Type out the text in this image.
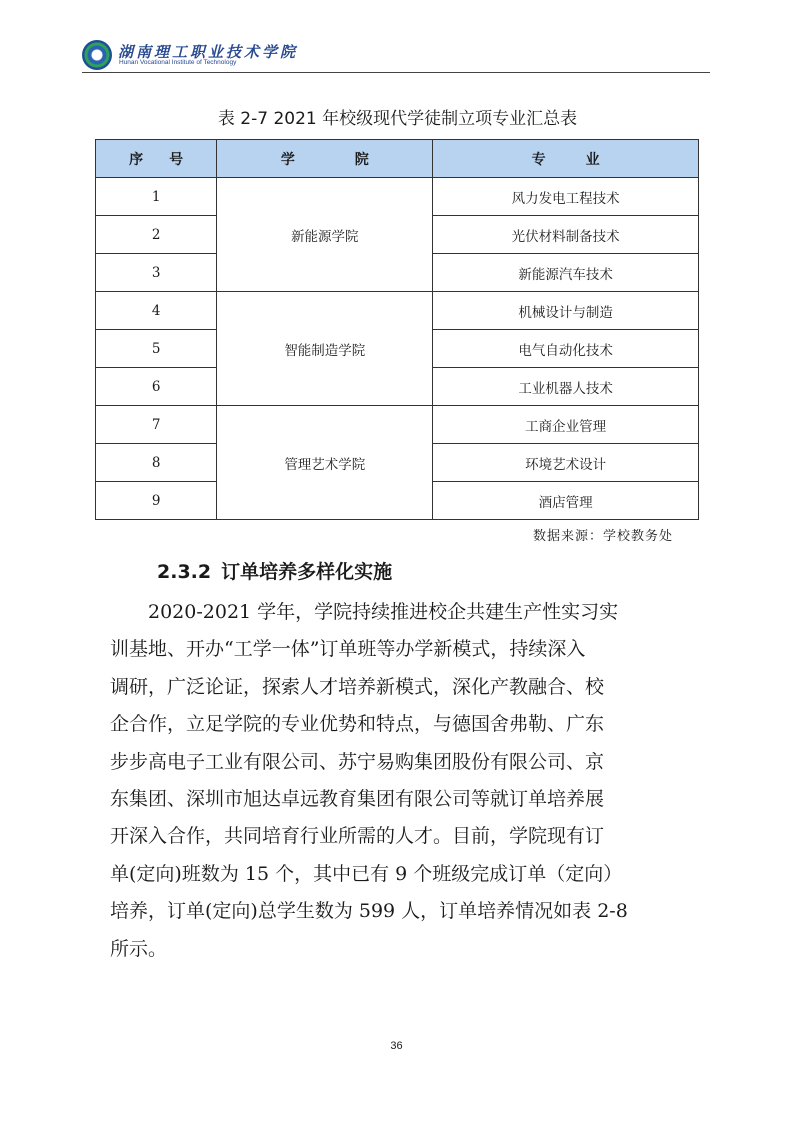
湖南理工职业技术学院
Hunan Vocational Institute of Technology
表 2-7 2021 年校级现代学徒制立项专业汇总表
序号	学院	专业
1	新能源学院	风力发电工程技术
2		光伏材料制备技术
3		新能源汽车技术
4	智能制造学院	机械设计与制造
5		电气自动化技术
6		工业机器人技术
7	管理艺术学院	工商企业管理
8		环境艺术设计
9		酒店管理
数据来源：学校教务处
2.3.2 订单培养多样化实施
　　2020-2021 学年，学院持续推进校企共建生产性实习实
训基地、开办“工学一体”订单班等办学新模式，持续深入
调研，广泛论证，探索人才培养新模式，深化产教融合、校
企合作，立足学院的专业优势和特点，与德国舍弗勒、广东
步步高电子工业有限公司、苏宁易购集团股份有限公司、京
东集团、深圳市旭达卓远教育集团有限公司等就订单培养展
开深入合作，共同培育行业所需的人才。目前，学院现有订
单(定向)班数为 15 个，其中已有 9 个班级完成订单（定向）
培养，订单(定向)总学生数为 599 人，订单培养情况如表 2-8
所示。
36
